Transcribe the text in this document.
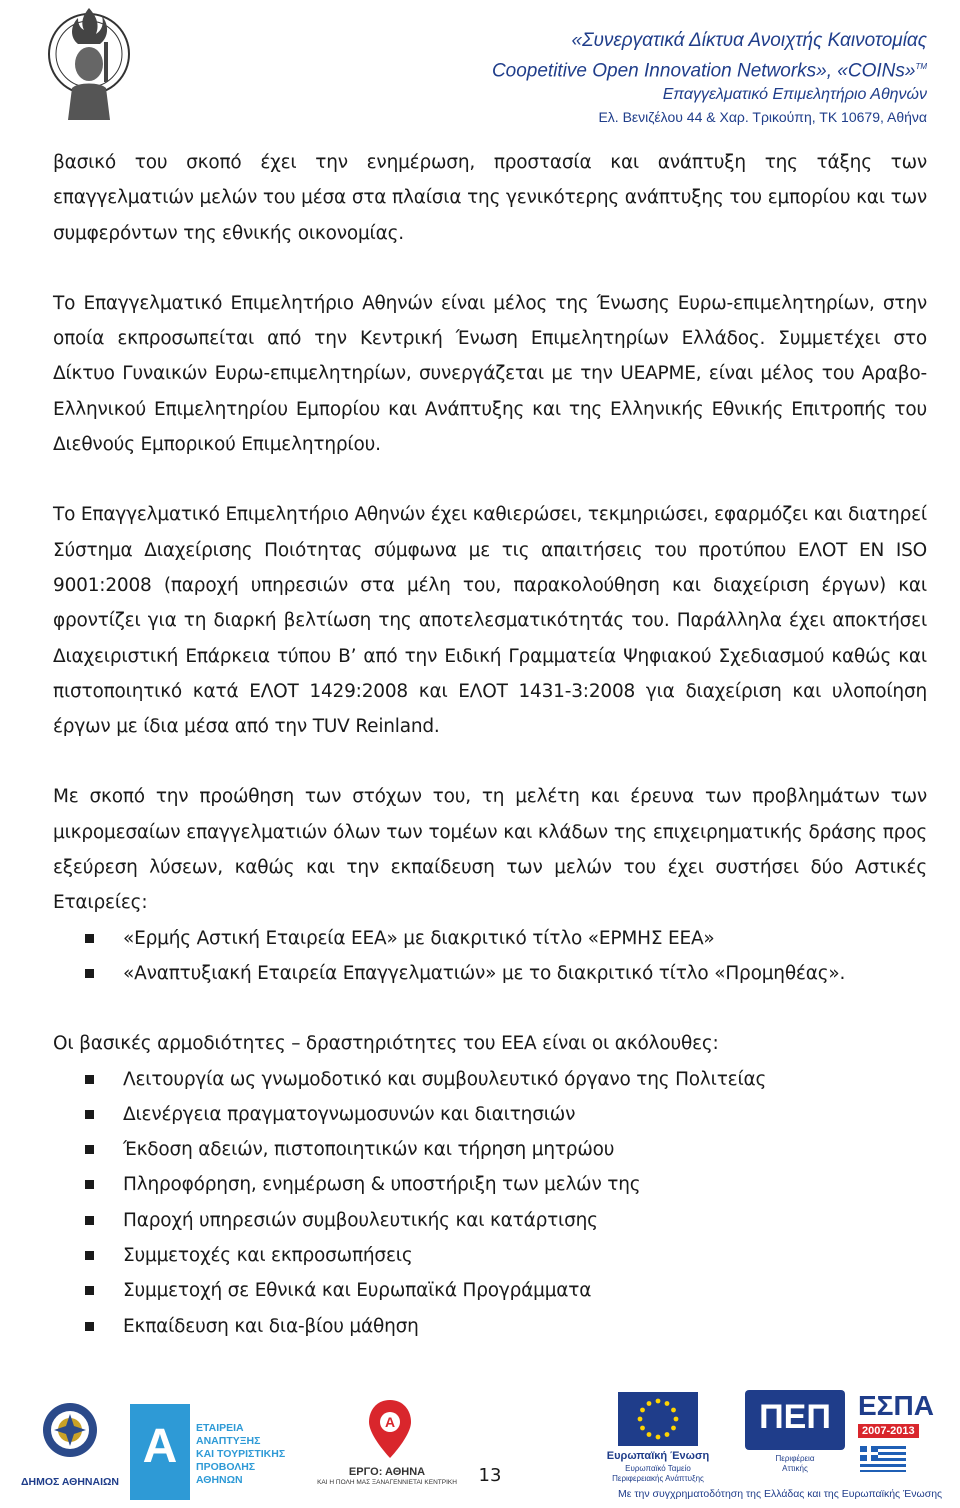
«Συνεργατικά Δίκτυα Ανοιχτής Καινοτομίας
Coopetitive Open Innovation Networks», «COINs»™
Επαγγελματικό Επιμελητήριο Αθηνών
Ελ. Βενιζέλου 44 & Χαρ. Τρικούπη, ΤΚ 10679, Αθήνα

βασικό του σκοπό έχει την ενημέρωση, προστασία και ανάπτυξη της τάξης των επαγγελματιών μελών του μέσα στα πλαίσια της γενικότερης ανάπτυξης του εμπορίου και των συμφερόντων της εθνικής οικονομίας.

Το Επαγγελματικό Επιμελητήριο Αθηνών είναι μέλος της Ένωσης Ευρω-επιμελητηρίων, στην οποία εκπροσωπείται από την Κεντρική Ένωση Επιμελητηρίων Ελλάδος. Συμμετέχει στο Δίκτυο Γυναικών Ευρω-επιμελητηρίων, συνεργάζεται με την UEAPME, είναι μέλος του Αραβο-Ελληνικού Επιμελητηρίου Εμπορίου και Ανάπτυξης και της Ελληνικής Εθνικής Επιτροπής του Διεθνούς Εμπορικού Επιμελητηρίου.

Το Επαγγελματικό Επιμελητήριο Αθηνών έχει καθιερώσει, τεκμηριώσει, εφαρμόζει και διατηρεί Σύστημα Διαχείρισης Ποιότητας σύμφωνα με τις απαιτήσεις του προτύπου ΕΛΟΤ EN ISO 9001:2008 (παροχή υπηρεσιών στα μέλη του, παρακολούθηση και διαχείριση έργων) και φροντίζει για τη διαρκή βελτίωση της αποτελεσματικότητάς του. Παράλληλα έχει αποκτήσει Διαχειριστική Επάρκεια τύπου Β’ από την Ειδική Γραμματεία Ψηφιακού Σχεδιασμού καθώς και πιστοποιητικό κατά ΕΛΟΤ 1429:2008 και ΕΛΟΤ 1431-3:2008 για διαχείριση και υλοποίηση έργων με ίδια μέσα από την TUV Reinland.

Με σκοπό την προώθηση των στόχων του, τη μελέτη και έρευνα των προβλημάτων των μικρομεσαίων επαγγελματιών όλων των τομέων και κλάδων της επιχειρηματικής δράσης προς εξεύρεση λύσεων, καθώς και την εκπαίδευση των μελών του έχει συστήσει δύο Αστικές Εταιρείες:

«Ερμής Αστική Εταιρεία ΕΕΑ» με διακριτικό τίτλο «ΕΡΜΗΣ ΕΕΑ»
«Αναπτυξιακή Εταιρεία Επαγγελματιών» με το διακριτικό τίτλο «Προμηθέας».

Οι βασικές αρμοδιότητες – δραστηριότητες του ΕΕΑ είναι οι ακόλουθες:

Λειτουργία ως γνωμοδοτικό και συμβουλευτικό όργανο της Πολιτείας
Διενέργεια πραγματογνωμοσυνών και διαιτησιών
Έκδοση αδειών, πιστοποιητικών και τήρηση μητρώου
Πληροφόρηση, ενημέρωση & υποστήριξη των μελών της
Παροχή υπηρεσιών συμβουλευτικής και κατάρτισης
Συμμετοχές και εκπροσωπήσεις
Συμμετοχή σε Εθνικά και Ευρωπαϊκά Προγράμματα
Εκπαίδευση και δια-βίου μάθηση
ΔΗΜΟΣ ΑΘΗΝΑΙΩΝ
Α ΕΤΑΙΡΕΙΑ
ΑΝΑΠΤΥΞΗΣ
ΚΑΙ ΤΟΥΡΙΣΤΙΚΗΣ
ΠΡΟΒΟΛΗΣ
ΑΘΗΝΩΝ
Α
ΕΡΓΟ: ΑΘΗΝΑ
ΚΑΙ Η ΠΟΛΗ ΜΑΣ ΞΑΝΑΓΕΝΝΙΕΤΑΙ ΚΕΝΤΡΙΚΗ
Ευρωπαϊκή Ένωση
Ευρωπαϊκό Ταμείο
Περιφερειακής Ανάπτυξης
ΠΕΠ
Περιφέρεια
Αττικής
ΕΣΠΑ
2007-2013
Με την συγχρηματοδότηση της Ελλάδας και της Ευρωπαϊκής Ένωσης
13
